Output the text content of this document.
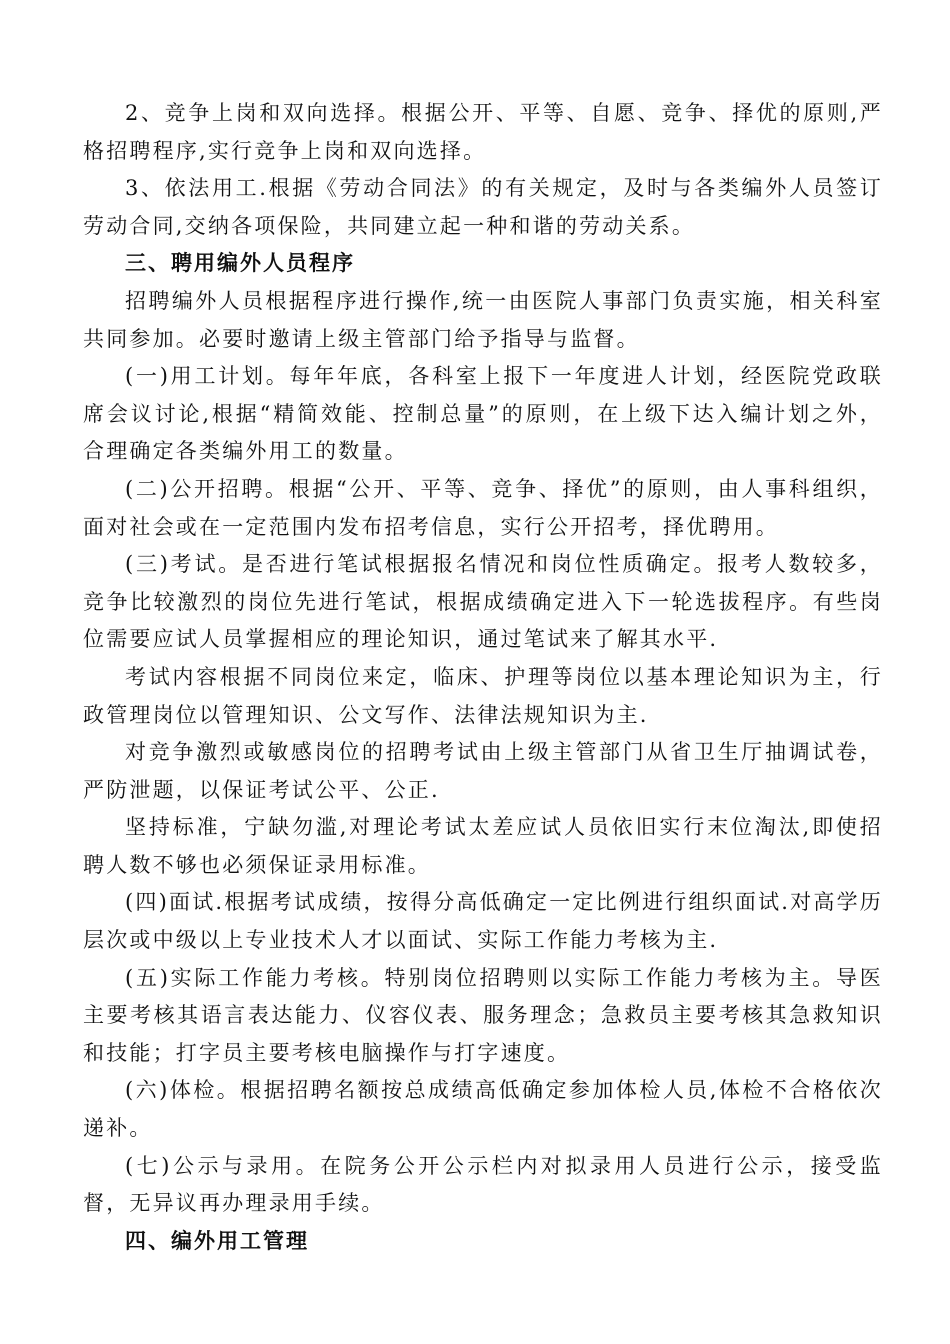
2、竞争上岗和双向选择。根据公开、平等、自愿、竞争、择优的原则,严格招聘程序,实行竞争上岗和双向选择。

3、依法用工.根据《劳动合同法》的有关规定，及时与各类编外人员签订劳动合同,交纳各项保险，共同建立起一种和谐的劳动关系。

三、聘用编外人员程序

招聘编外人员根据程序进行操作,统一由医院人事部门负责实施，相关科室共同参加。必要时邀请上级主管部门给予指导与监督。

(一)用工计划。每年年底，各科室上报下一年度进人计划，经医院党政联席会议讨论,根据“精简效能、控制总量”的原则，在上级下达入编计划之外，合理确定各类编外用工的数量。

(二)公开招聘。根据“公开、平等、竞争、择优”的原则，由人事科组织，面对社会或在一定范围内发布招考信息，实行公开招考，择优聘用。

(三)考试。是否进行笔试根据报名情况和岗位性质确定。报考人数较多，竞争比较激烈的岗位先进行笔试，根据成绩确定进入下一轮选拔程序。有些岗位需要应试人员掌握相应的理论知识，通过笔试来了解其水平.

考试内容根据不同岗位来定，临床、护理等岗位以基本理论知识为主，行政管理岗位以管理知识、公文写作、法律法规知识为主.

对竞争激烈或敏感岗位的招聘考试由上级主管部门从省卫生厅抽调试卷，严防泄题，以保证考试公平、公正.

坚持标准，宁缺勿滥,对理论考试太差应试人员依旧实行末位淘汰,即使招聘人数不够也必须保证录用标准。

(四)面试.根据考试成绩，按得分高低确定一定比例进行组织面试.对高学历层次或中级以上专业技术人才以面试、实际工作能力考核为主.

(五)实际工作能力考核。特别岗位招聘则以实际工作能力考核为主。导医主要考核其语言表达能力、仪容仪表、服务理念；急救员主要考核其急救知识和技能；打字员主要考核电脑操作与打字速度。

(六)体检。根据招聘名额按总成绩高低确定参加体检人员,体检不合格依次递补。

(七)公示与录用。在院务公开公示栏内对拟录用人员进行公示，接受监督，无异议再办理录用手续。

四、编外用工管理
